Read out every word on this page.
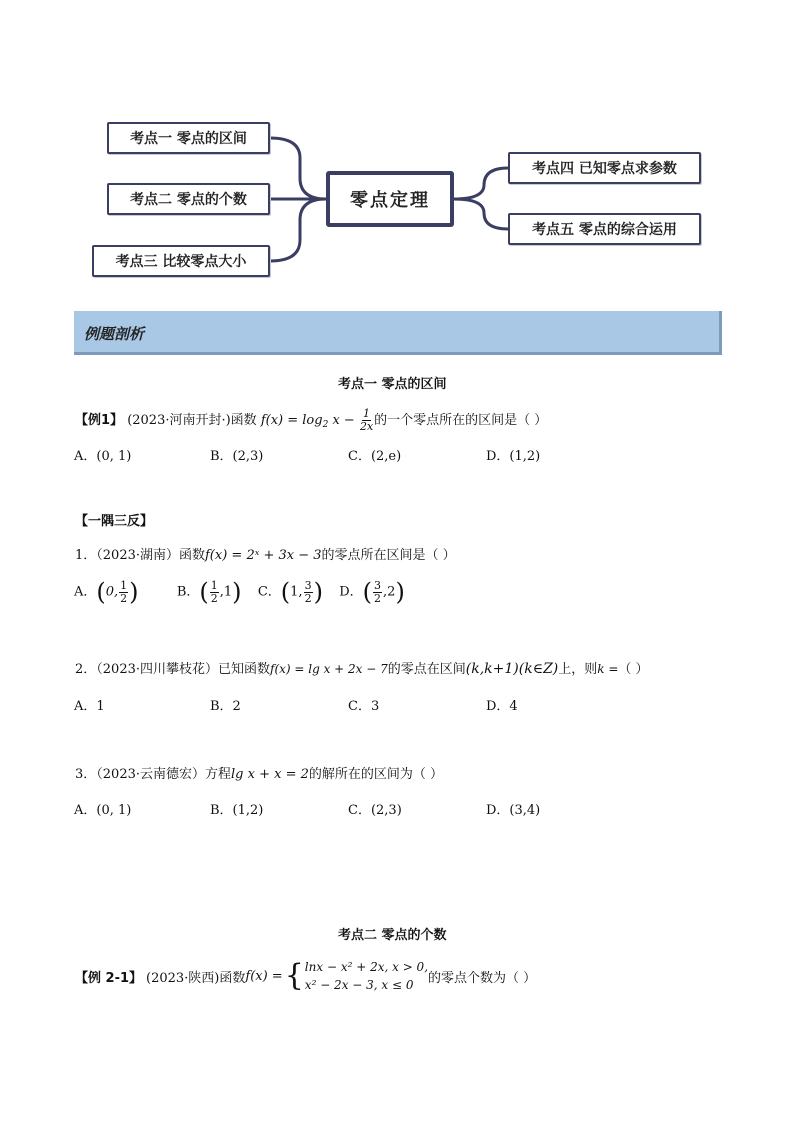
考点一 零点的区间
考点二 零点的个数
考点三 比较零点大小
零点定理
考点四 已知零点求参数
考点五 零点的综合运用
例题剖析
考点一 零点的区间
【例1】 (2023·河南开封·)函数 $f(x) = \log_2 x - \frac{1}{2x}$ 的一个零点所在的区间是（ ）
A．(0, 1)	B．(2,3)	C．(2,e)	D．(1,2)
【一隅三反】
1．（2023·湖南）函数f(x) = 2ˣ + 3x − 3的零点所在区间是（ ）
A．(0, $\frac{1}{2}$ )	B．( $\frac{1}{2} ,1$) C．(1, $\frac{3}{2}$ ) D．( $\frac{3}{2} ,2$)
2．（2023·四川攀枝花）已知函数f(x) = lg x + 2x − 7的零点在区间(k,k+1)(k∈Z)上，则k =（ ）
A．1	B．2	C．3	D．4
3．（2023·云南德宏）方程lg x + x = 2的解所在的区间为（ ）
A．(0, 1)	B．(1,2)	C．(2,3)	D．(3,4)
考点二 零点的个数
【例 2-1】 (2023·陕西)函数 f(x) = { lnx − x² + 2x, x > 0,
x² − 2x − 3, x ≤ 0	的零点个数为（ ）
